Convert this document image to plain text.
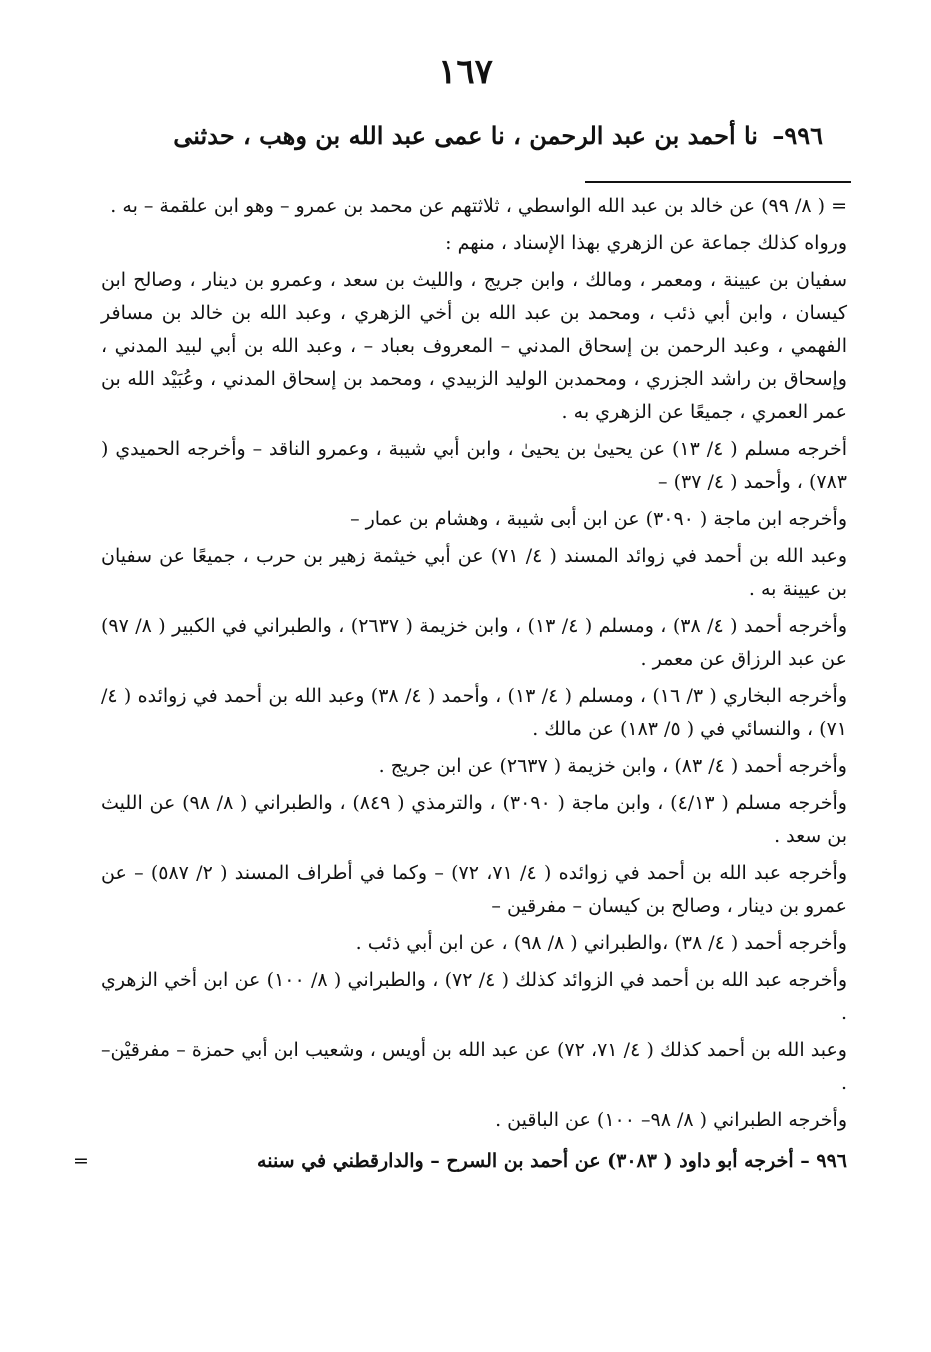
١٦٧
٩٩٦– نا أحمد بن عبد الرحمن ، نا عمى عبد الله بن وهب ، حدثنى

= ( ٨/ ٩٩) عن خالد بن عبد الله الواسطي ، ثلاثتهم عن محمد بن عمرو – وهو ابن علقمة – به .

ورواه كذلك جماعة عن الزهري بهذا الإسناد ، منهم :

سفيان بن عيينة ، ومعمر ، ومالك ، وابن جريج ، والليث بن سعد ، وعمرو بن دينار ، وصالح ابن كيسان ، وابن أبي ذئب ، ومحمد بن عبد الله بن أخي الزهري ، وعبد الله بن خالد بن مسافر الفهمي ، وعبد الرحمن بن إسحاق المدني – المعروف بعباد – ، وعبد الله بن أبي لبيد المدني ، وإسحاق بن راشد الجزري ، ومحمدبن الوليد الزبيدي ، ومحمد بن إسحاق المدني ، وعُبَيْد الله بن عمر العمري ، جميعًا عن الزهري به .

أخرجه مسلم ( ٤/ ١٣) عن يحيىٰ بن يحيىٰ ، وابن أبي شيبة ، وعمرو الناقد – وأخرجه الحميدي ( ٧٨٣) ، وأحمد ( ٤/ ٣٧) –

وأخرجه ابن ماجة ( ٣٠٩٠) عن ابن أبى شيبة ، وهشام بن عمار –

وعبد الله بن أحمد في زوائد المسند ( ٤/ ٧١) عن أبي خيثمة زهير بن حرب ، جميعًا عن سفيان بن عيينة به .

وأخرجه أحمد ( ٤/ ٣٨) ، ومسلم ( ٤/ ١٣) ، وابن خزيمة ( ٢٦٣٧) ، والطبراني في الكبير ( ٨/ ٩٧) عن عبد الرزاق عن معمر .

وأخرجه البخاري ( ٣/ ١٦) ، ومسلم ( ٤/ ١٣) ، وأحمد ( ٤/ ٣٨) وعبد الله بن أحمد في زوائده ( ٤/ ٧١) ، والنسائي في ( ٥/ ١٨٣) عن مالك .

وأخرجه أحمد ( ٤/ ٨٣) ، وابن خزيمة ( ٢٦٣٧) عن ابن جريج .

وأخرجه مسلم ( ٤/١٣) ، وابن ماجة ( ٣٠٩٠) ، والترمذي ( ٨٤٩) ، والطبراني ( ٨/ ٩٨) عن الليث بن سعد .

وأخرجه عبد الله بن أحمد في زوائده ( ٤/ ٧١، ٧٢) – وكما في أطراف المسند ( ٢/ ٥٨٧) – عن عمرو بن دينار ، وصالح بن كيسان – مفرقين –

وأخرجه أحمد ( ٤/ ٣٨) ،والطبراني ( ٨/ ٩٨) ، عن ابن أبي ذئب .

وأخرجه عبد الله بن أحمد في الزوائد كذلك ( ٤/ ٧٢) ، والطبراني ( ٨/ ١٠٠) عن ابن أخي الزهري .

وعبد الله بن أحمد كذلك ( ٤/ ٧١، ٧٢) عن عبد الله بن أويس ، وشعيب ابن أبي حمزة – مفرقيْن– .

وأخرجه الطبراني ( ٨/ ٩٨– ١٠٠) عن الباقين .

٩٩٦ – أخرجه أبو داود ( ٣٠٨٣) عن أحمد بن السرح – والدارقطني في سننه
=
